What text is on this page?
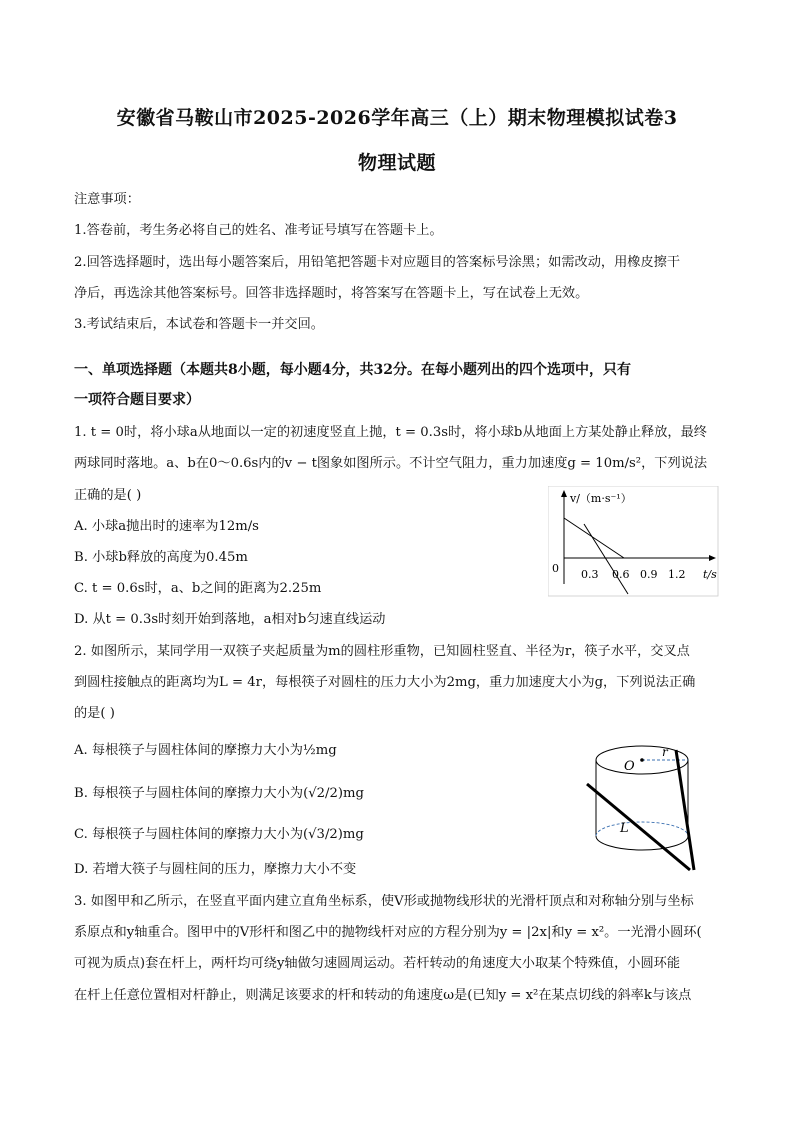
安徽省马鞍山市2025-2026学年高三（上）期末物理模拟试卷3
物理试题
注意事项：
1.答卷前，考生务必将自己的姓名、准考证号填写在答题卡上。
2.回答选择题时，选出每小题答案后，用铅笔把答题卡对应题目的答案标号涂黑；如需改动，用橡皮擦干
净后，再选涂其他答案标号。回答非选择题时，将答案写在答题卡上，写在试卷上无效。
3.考试结束后，本试卷和答题卡一并交回。
一、单项选择题（本题共8小题，每小题4分，共32分。在每小题列出的四个选项中，只有
一项符合题目要求）
1. t = 0时，将小球a从地面以一定的初速度竖直上抛，t = 0.3s时，将小球b从地面上方某处静止释放，最终
两球同时落地。a、b在0～0.6s内的v − t图象如图所示。不计空气阻力，重力加速度g = 10m/s²，下列说法
正确的是( )
A. 小球a抛出时的速率为12m/s
B. 小球b释放的高度为0.45m
C. t = 0.6s时，a、b之间的距离为2.25m
D. 从t = 0.3s时刻开始到落地，a相对b匀速直线运动
v/（m·s⁻¹）
0 0.3 0.6 0.9 1.2 t/s
2. 如图所示，某同学用一双筷子夹起质量为m的圆柱形重物，已知圆柱竖直、半径为r，筷子水平，交叉点
到圆柱接触点的距离均为L = 4r，每根筷子对圆柱的压力大小为2mg，重力加速度大小为g，下列说法正确
的是( )
A. 每根筷子与圆柱体间的摩擦力大小为½mg
B. 每根筷子与圆柱体间的摩擦力大小为(√2/2)mg
C. 每根筷子与圆柱体间的摩擦力大小为(√3/2)mg
D. 若增大筷子与圆柱间的压力，摩擦力大小不变
O
r
L
3. 如图甲和乙所示，在竖直平面内建立直角坐标系，使V形或抛物线形状的光滑杆顶点和对称轴分别与坐标
系原点和y轴重合。图甲中的V形杆和图乙中的抛物线杆对应的方程分别为y = |2x|和y = x²。一光滑小圆环(
可视为质点)套在杆上，两杆均可绕y轴做匀速圆周运动。若杆转动的角速度大小取某个特殊值，小圆环能
在杆上任意位置相对杆静止，则满足该要求的杆和转动的角速度ω是(已知y = x²在某点切线的斜率k与该点
